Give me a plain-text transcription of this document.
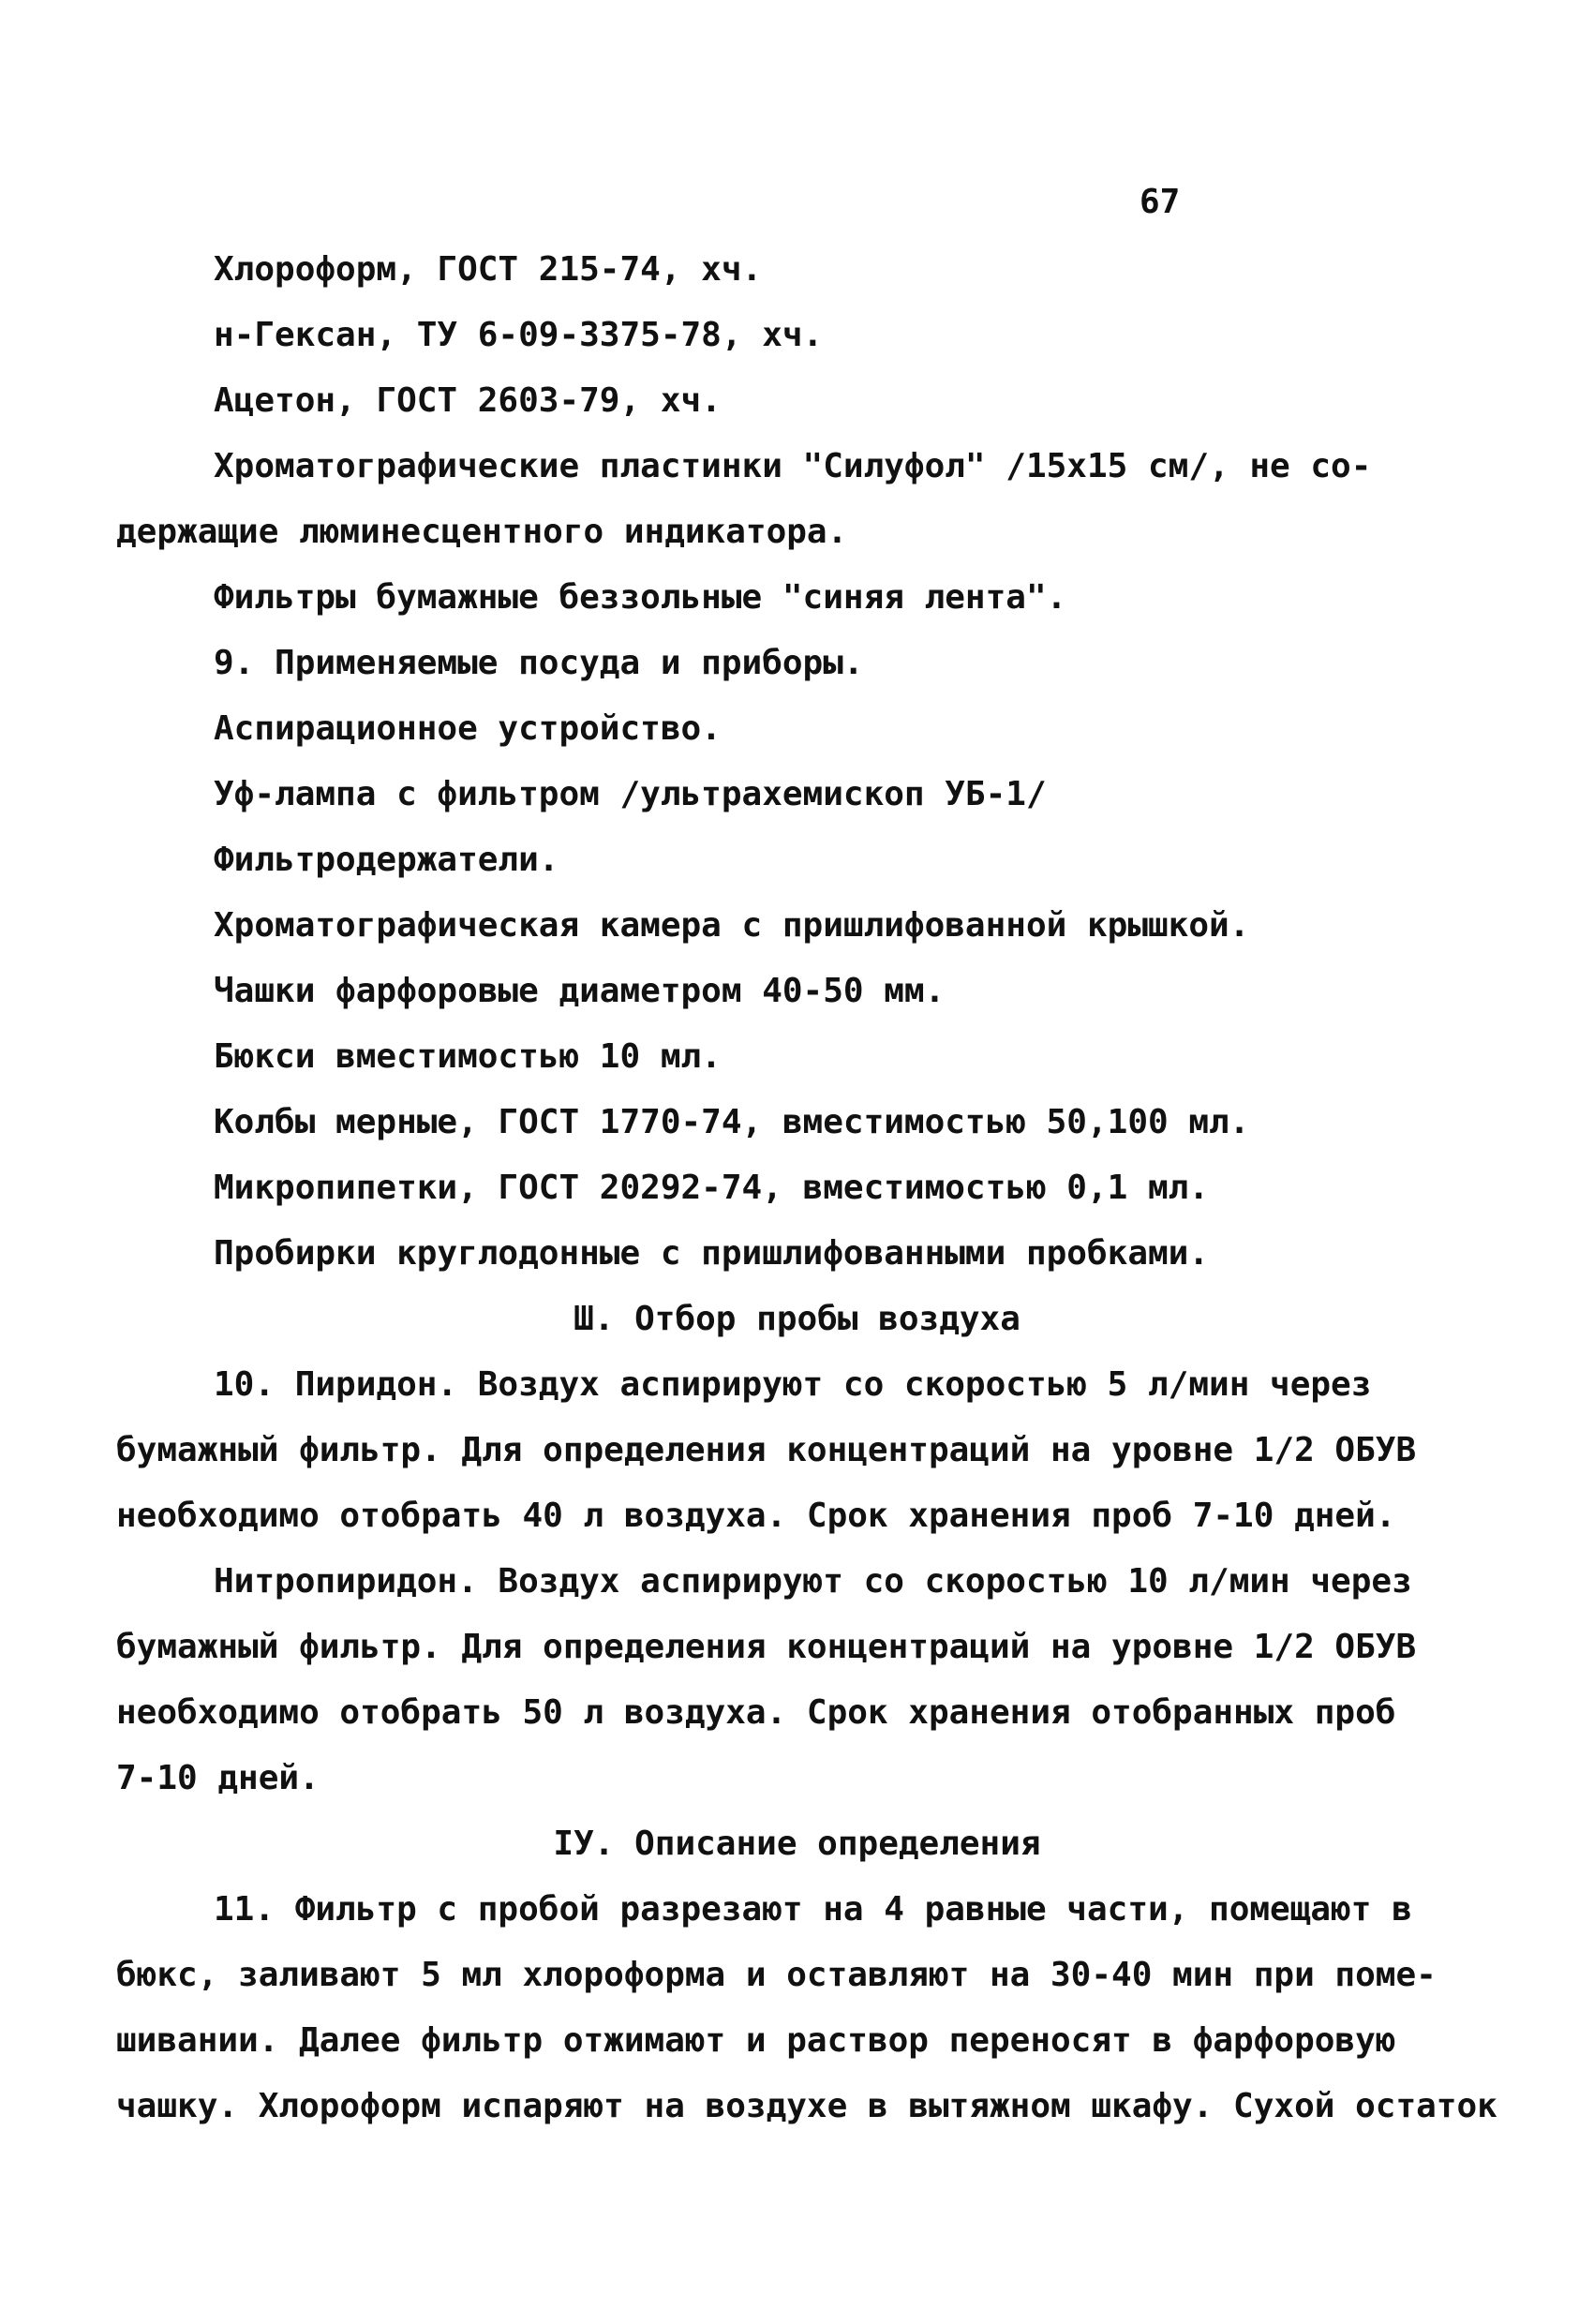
67
Хлороформ, ГОСТ 215-74, хч.
н-Гексан, ТУ 6-09-3375-78, хч.
Ацетон, ГОСТ 2603-79, хч.
Хроматографические пластинки "Силуфол" /15х15 см/, не со-
держащие люминесцентного индикатора.
Фильтры бумажные беззольные "синяя лента".
9. Применяемые посуда и приборы.
Аспирационное устройство.
Уф-лампа с фильтром /ультрахемископ УБ-1/
Фильтродержатели.
Хроматографическая камера с пришлифованной крышкой.
Чашки фарфоровые диаметром 40-50 мм.
Бюкси вместимостью 10 мл.
Колбы мерные, ГОСТ 1770-74, вместимостью 50,100 мл.
Микропипетки, ГОСТ 20292-74, вместимостью 0,1 мл.
Пробирки круглодонные с пришлифованными пробками.
Ш. Отбор пробы воздуха
10. Пиридон. Воздух аспирируют со скоростью 5 л/мин через
бумажный фильтр. Для определения концентраций на уровне 1/2 ОБУВ
необходимо отобрать 40 л воздуха. Срок хранения проб 7-10 дней.
Нитропиридон. Воздух аспирируют со скоростью 10 л/мин через
бумажный фильтр. Для определения концентраций на уровне 1/2 ОБУВ
необходимо отобрать 50 л воздуха. Срок хранения отобранных проб
7-10 дней.
IУ. Описание определения
11. Фильтр с пробой разрезают на 4 равные части, помещают в
бюкс, заливают 5 мл хлороформа и оставляют на 30-40 мин при поме-
шивании. Далее фильтр отжимают и раствор переносят в фарфоровую
чашку. Хлороформ испаряют на воздухе в вытяжном шкафу. Сухой остаток
